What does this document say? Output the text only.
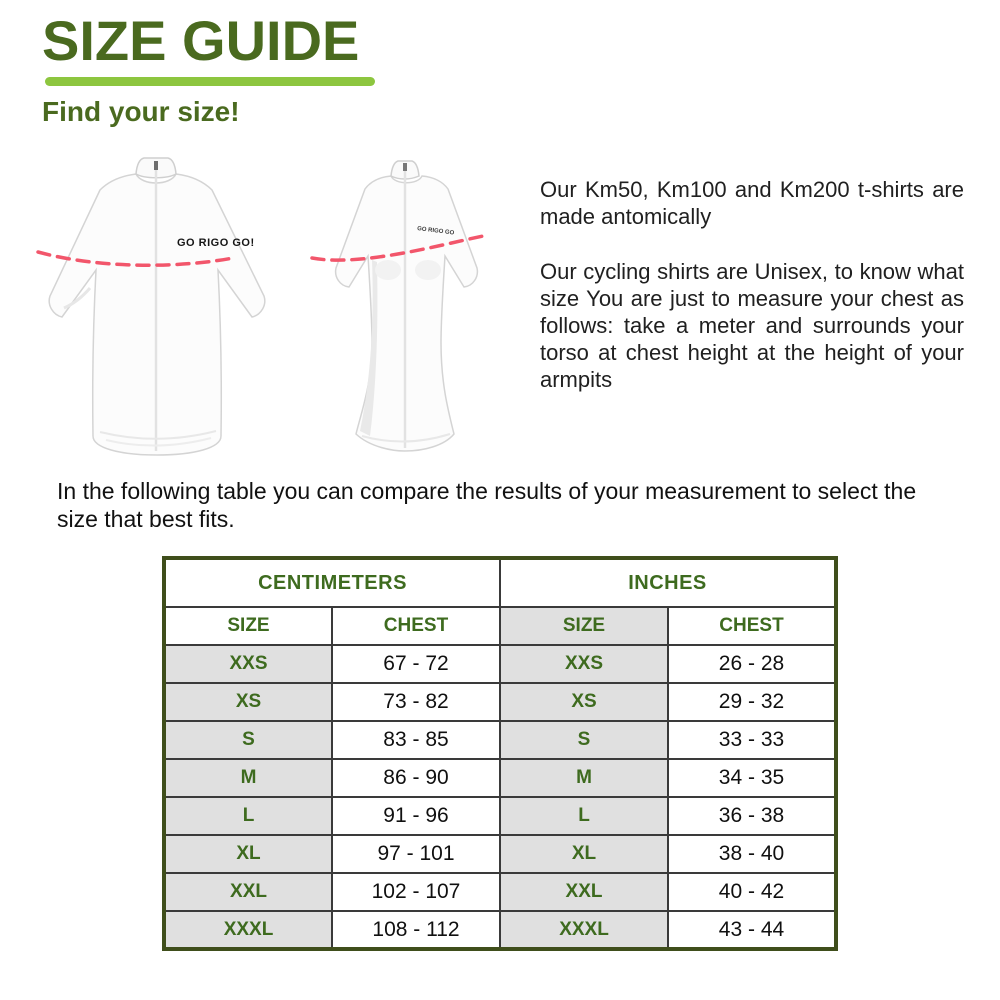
SIZE GUIDE
Find your size!
GO RIGO GO!
GO RIGO GO

Our Km50, Km100 and Km200 t-shirts are made antomically

Our cycling shirts are Unisex, to know what size You are just to measure your chest as follows: take a meter and surrounds your torso at chest height at the height of your armpits

In the following table you can compare the results of your measurement to select the size that best fits.

CENTIMETERS		INCHES	
SIZE	CHEST	SIZE	CHEST
XXS	67 - 72	XXS	26 - 28
XS	73 - 82	XS	29 - 32
S	83 - 85	S	33 - 33
M	86 - 90	M	34 - 35
L	91 - 96	L	36 - 38
XL	97 - 101	XL	38 - 40
XXL	102 - 107	XXL	40 - 42
XXXL	108 - 112	XXXL	43 - 44
